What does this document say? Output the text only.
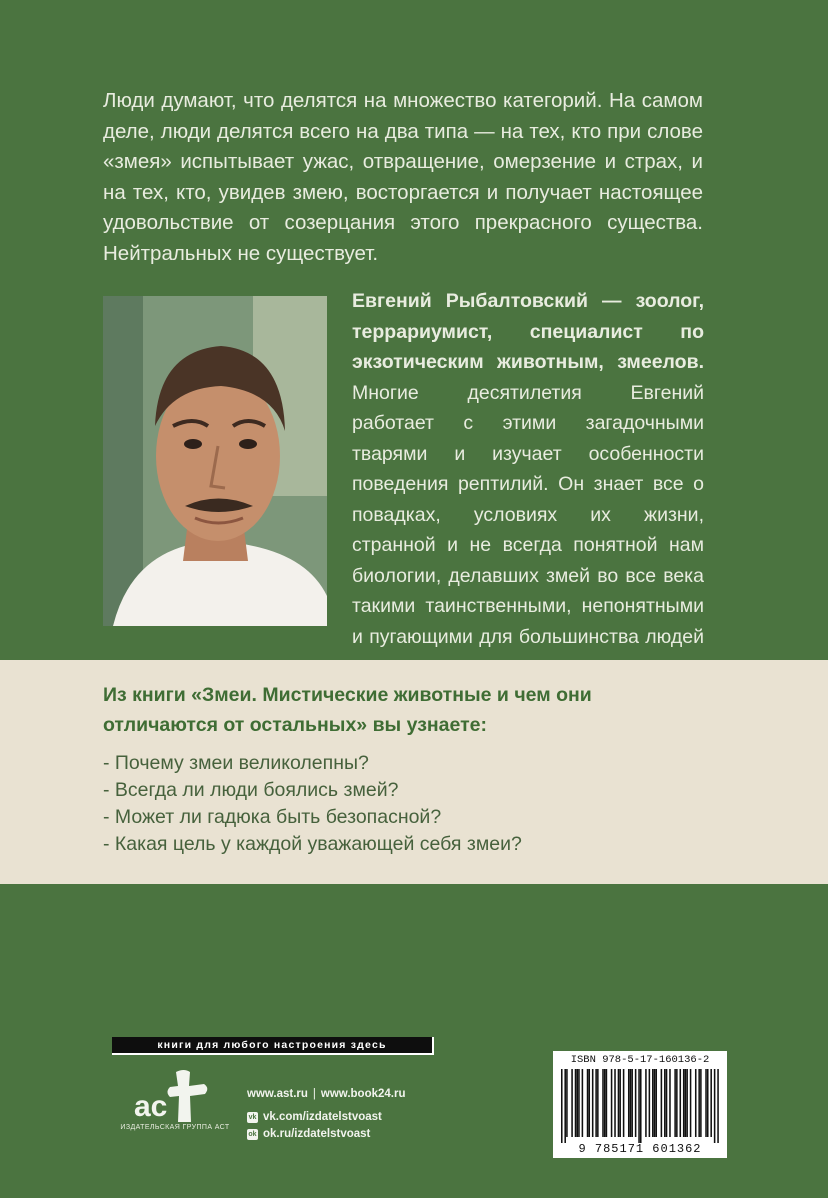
Люди думают, что делятся на множество категорий. На самом деле, люди делятся всего на два типа — на тех, кто при слове «змея» испытывает ужас, отвращение, омерзение и страх, и на тех, кто, увидев змею, восторгается и получает настоящее удовольствие от созерцания этого прекрасного существа. Нейтральных не существует.

Евгений Рыбалтовский — зоолог, террариумист, специалист по экзотическим животным, змеелов. Многие десятилетия Евгений работает с этими загадочными тварями и изучает особенности поведения рептилий. Он знает все о повадках, условиях их жизни, странной и не всегда понятной нам биологии, делавших змей во все века такими таинственными, непонятными и пугающими для большинства людей

Из книги «Змеи. Мистические животные и чем они отличаются от остальных» вы узнаете:

- Почему змеи великолепны?
- Всегда ли люди боялись змей?
- Может ли гадюка быть безопасной?
- Какая цель у каждой уважающей себя змеи?
книги для любого настроения здесь
ac
ИЗДАТЕЛЬСКАЯ ГРУППА АСТ
www.ast.ru | www.book24.ru
vk vk.com/izdatelstvoast
ok ok.ru/izdatelstvoast
ISBN 978-5-17-160136-2
9 785171 601362
